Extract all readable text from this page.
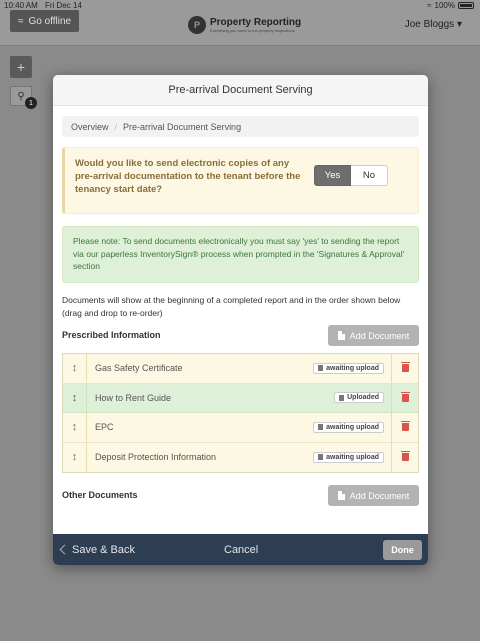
10:40 AM Fri Dec 14	≈ 100%
≈ Go offline	P	Property Reporting
Everything you need to run property inspections
Joe Bloggs ▾
+
⚲
1
Pre-arrival Document Serving
Overview / Pre-arrival Document Serving
Would you like to send electronic copies of any pre-arrival documentation to the tenant before the tenancy start date?
Yes	No
Please note: To send documents electronically you must say 'yes' to sending the report via our paperless InventorySign® process when prompted in the 'Signatures & Approval' section
Documents will show at the beginning of a completed report and in the order shown below (drag and drop to re-order)
Prescribed Information	Add Document
↕	Gas Safety Certificate	awaiting upload
↕	How to Rent Guide	Uploaded
↕	EPC	awaiting upload
↕	Deposit Protection Information	awaiting upload
Other Documents	Add Document
Save & Back	Cancel	Done
